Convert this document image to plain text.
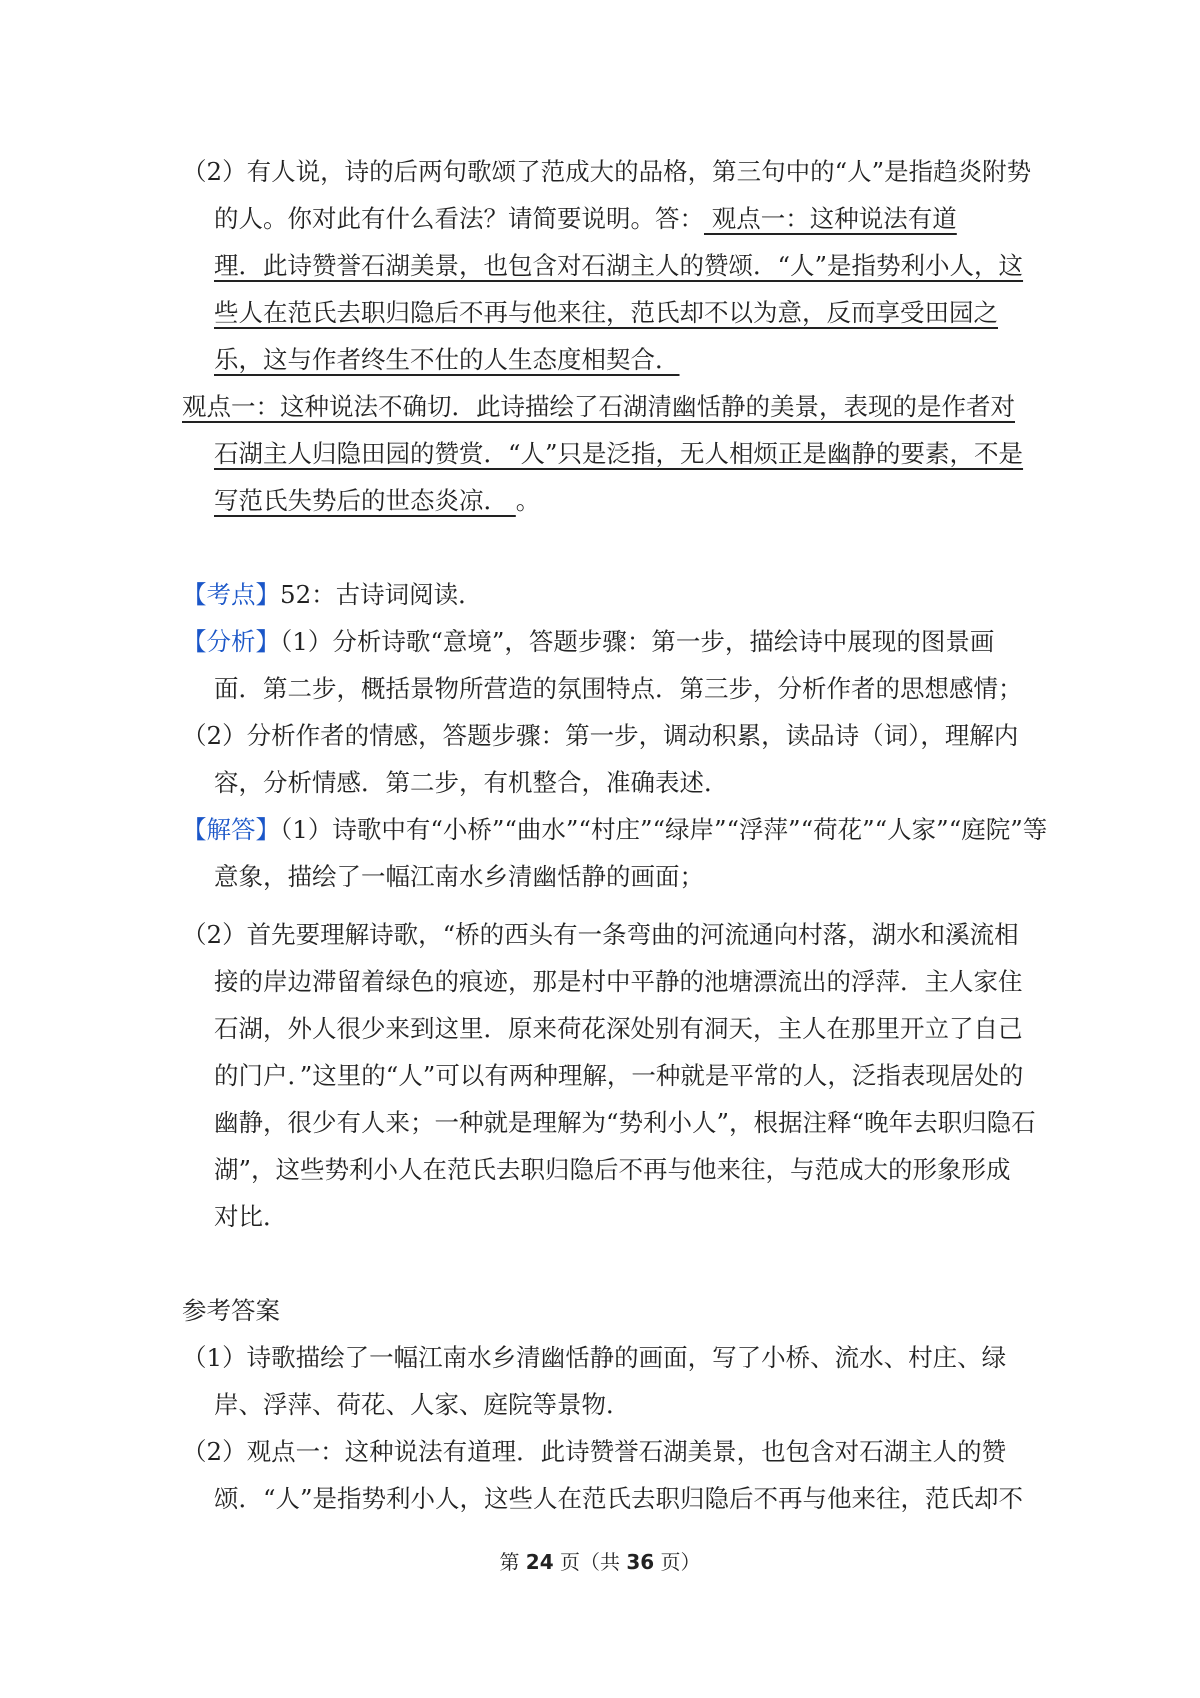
（2）有人说，诗的后两句歌颂了范成大的品格，第三句中的“人”是指趋炎附势
的人。你对此有什么看法？请简要说明。答： 观点一：这种说法有道
理．此诗赞誉石湖美景，也包含对石湖主人的赞颂．“人”是指势利小人，这
些人在范氏去职归隐后不再与他来往，范氏却不以为意，反而享受田园之
乐，这与作者终生不仕的人生态度相契合．
观点一：这种说法不确切．此诗描绘了石湖清幽恬静的美景，表现的是作者对
石湖主人归隐田园的赞赏．“人”只是泛指，无人相烦正是幽静的要素，不是
写范氏失势后的世态炎凉． 。
【考点】52：古诗词阅读．
【分析】（1）分析诗歌“意境”，答题步骤：第一步，描绘诗中展现的图景画
面．第二步，概括景物所营造的氛围特点．第三步，分析作者的思想感情；
（2）分析作者的情感，答题步骤：第一步，调动积累，读品诗（词），理解内
容，分析情感．第二步，有机整合，准确表述．
【解答】（1）诗歌中有“小桥”“曲水”“村庄”“绿岸”“浮萍”“荷花”“人家”“庭院”等
意象，描绘了一幅江南水乡清幽恬静的画面；
（2）首先要理解诗歌，“桥的西头有一条弯曲的河流通向村落，湖水和溪流相
接的岸边滞留着绿色的痕迹，那是村中平静的池塘漂流出的浮萍．主人家住
石湖，外人很少来到这里．原来荷花深处别有洞天，主人在那里开立了自己
的门户．”这里的“人”可以有两种理解，一种就是平常的人，泛指表现居处的
幽静，很少有人来；一种就是理解为“势利小人”，根据注释“晚年去职归隐石
湖”，这些势利小人在范氏去职归隐后不再与他来往，与范成大的形象形成
对比．
参考答案
（1）诗歌描绘了一幅江南水乡清幽恬静的画面，写了小桥、流水、村庄、绿
岸、浮萍、荷花、人家、庭院等景物．
（2）观点一：这种说法有道理．此诗赞誉石湖美景，也包含对石湖主人的赞
颂．“人”是指势利小人，这些人在范氏去职归隐后不再与他来往，范氏却不
第 24 页（共 36 页）
